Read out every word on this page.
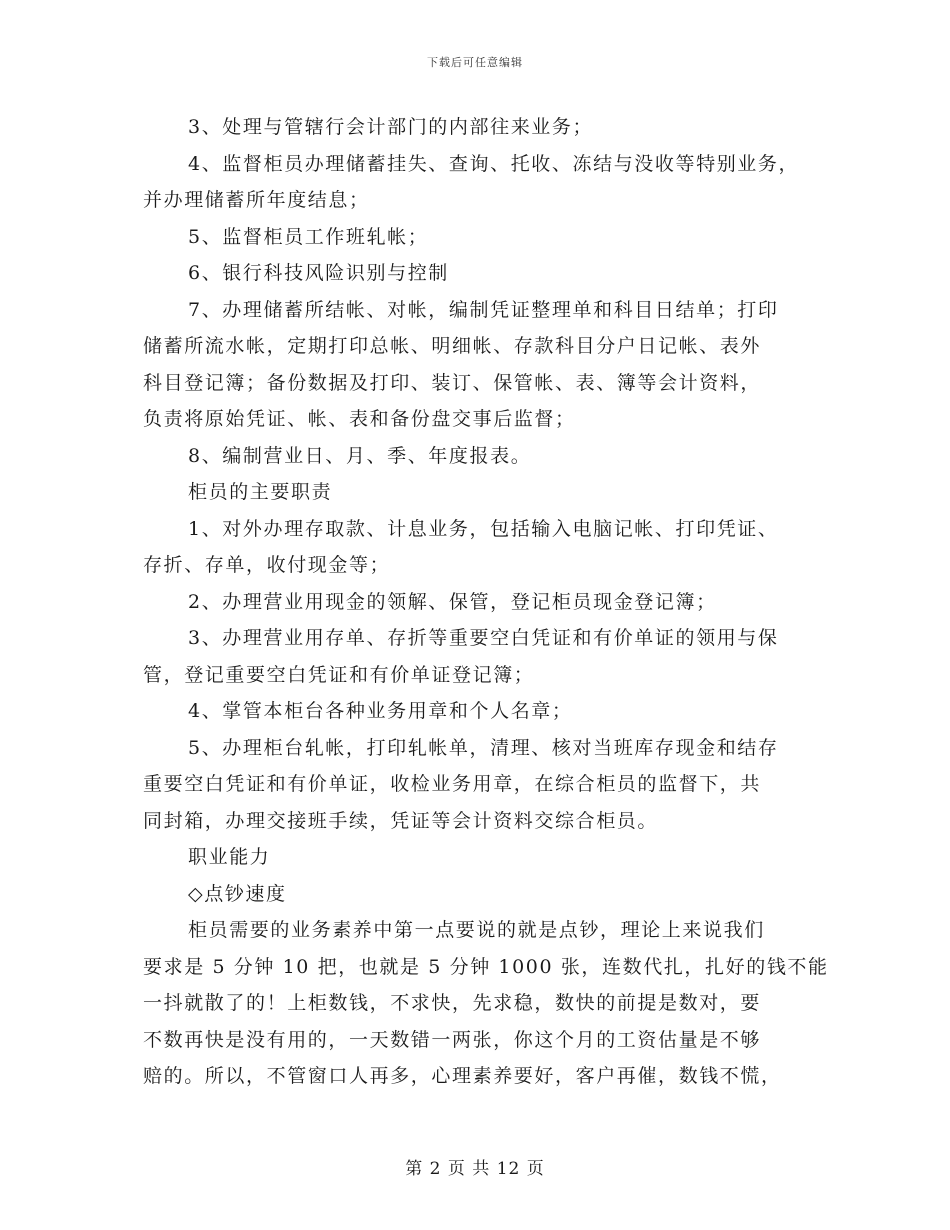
下载后可任意编辑
3、处理与管辖行会计部门的内部往来业务；
4、监督柜员办理储蓄挂失、查询、托收、冻结与没收等特别业务，
并办理储蓄所年度结息；
5、监督柜员工作班轧帐；
6、银行科技风险识别与控制
7、办理储蓄所结帐、对帐，编制凭证整理单和科目日结单；打印
储蓄所流水帐，定期打印总帐、明细帐、存款科目分户日记帐、表外
科目登记簿；备份数据及打印、装订、保管帐、表、簿等会计资料，
负责将原始凭证、帐、表和备份盘交事后监督；
8、编制营业日、月、季、年度报表。
柜员的主要职责
1、对外办理存取款、计息业务，包括输入电脑记帐、打印凭证、
存折、存单，收付现金等；
2、办理营业用现金的领解、保管，登记柜员现金登记簿；
3、办理营业用存单、存折等重要空白凭证和有价单证的领用与保
管，登记重要空白凭证和有价单证登记簿；
4、掌管本柜台各种业务用章和个人名章；
5、办理柜台轧帐，打印轧帐单，清理、核对当班库存现金和结存
重要空白凭证和有价单证，收检业务用章，在综合柜员的监督下，共
同封箱，办理交接班手续，凭证等会计资料交综合柜员。
职业能力
◇点钞速度
柜员需要的业务素养中第一点要说的就是点钞，理论上来说我们
要求是 5 分钟 10 把，也就是 5 分钟 1000 张，连数代扎，扎好的钱不能
一抖就散了的！上柜数钱，不求快，先求稳，数快的前提是数对，要
不数再快是没有用的，一天数错一两张，你这个月的工资估量是不够
赔的。所以，不管窗口人再多，心理素养要好，客户再催，数钱不慌，
第 2 页 共 12 页
